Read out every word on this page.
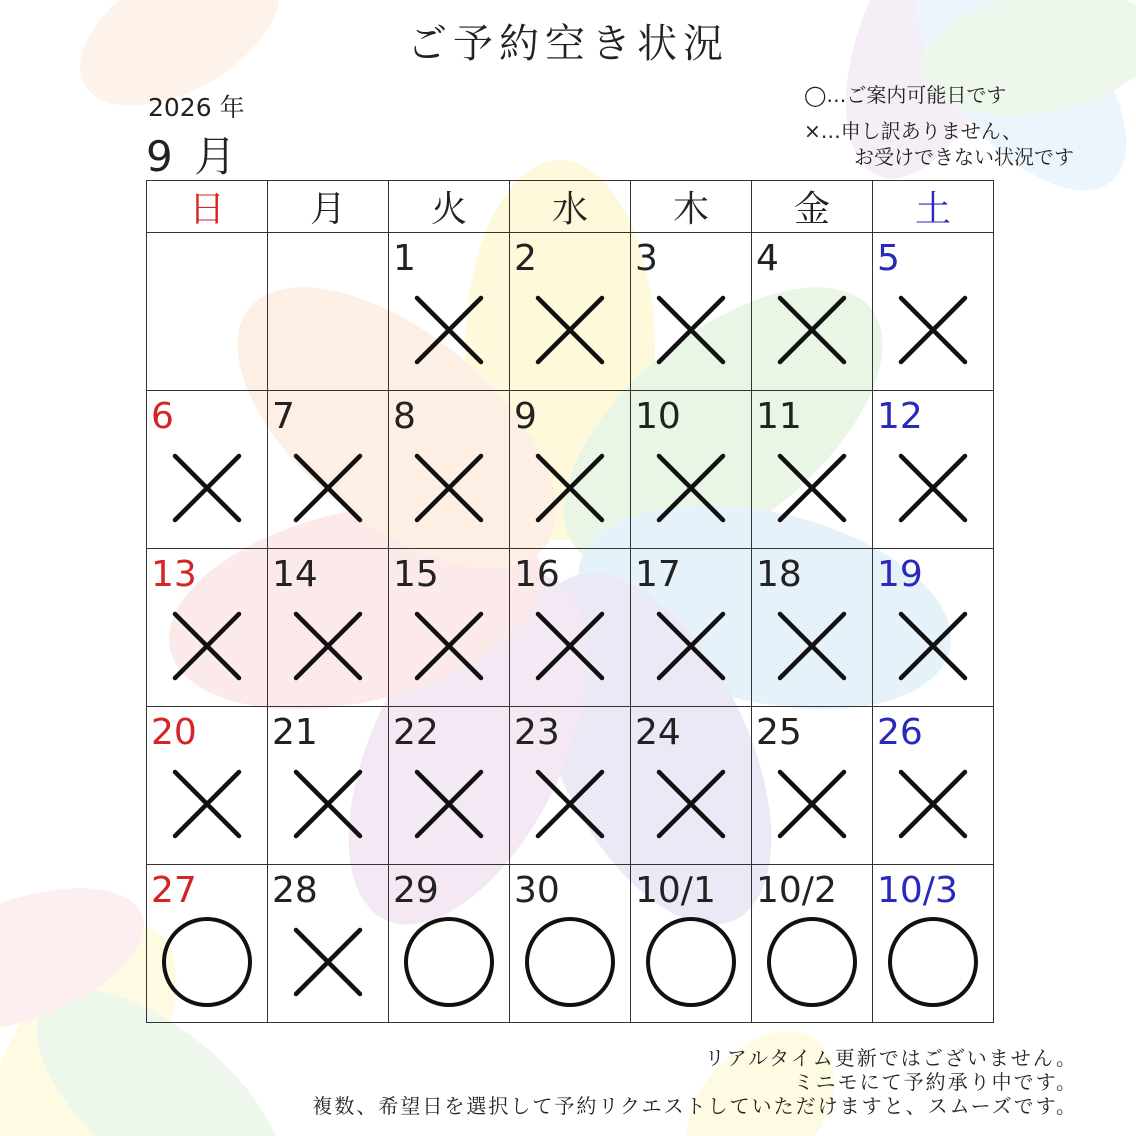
ご予約空き状況
2026 年
9 月
◯…ご案内可能日です
×…申し訳ありません、
お受けできない状況です
日	月	火	水	木	金	土

		1	2	3	4	5

6	7	8	9	10	11	12

13	14	15	16	17	18	19

20	21	22	23	24	25	26

27	28	29	30	10/1	10/2	10/3
リアルタイム更新ではございません。
ミニモにて予約承り中です。
複数、希望日を選択して予約リクエストしていただけますと、スムーズです。
